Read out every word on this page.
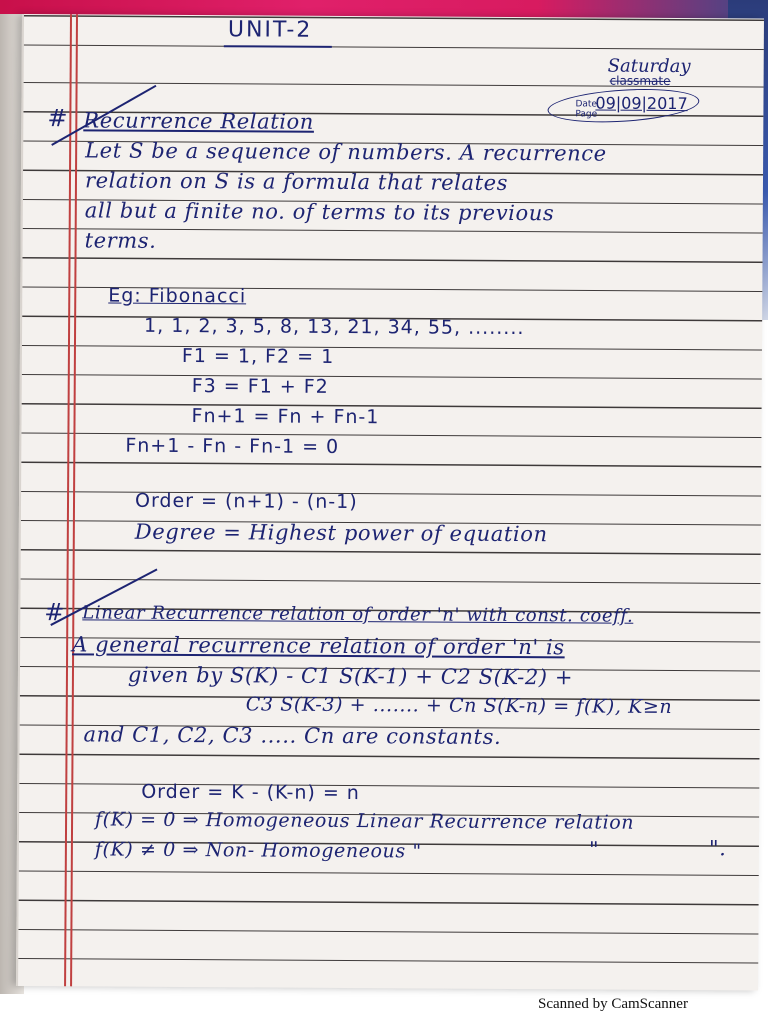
UNIT-2
Saturday
classmate
Date
Page
09|09|2017
# Recurrence Relation
Let S be a sequence of numbers. A recurrence
relation on S is a formula that relates
all but a finite no. of terms to its previous
terms.
Eg: Fibonacci
1, 1, 2, 3, 5, 8, 13, 21, 34, 55, ........
F1 = 1, F2 = 1
F3 = F1 + F2
Fn+1 = Fn + Fn-1
Fn+1 - Fn - Fn-1 = 0
Order = (n+1) - (n-1)
Degree = Highest power of equation
# Linear Recurrence relation of order 'n' with const. coeff.
A general recurrence relation of order 'n' is
given by S(K) - C1 S(K-1) + C2 S(K-2) +
C3 S(K-3) + ....... + Cn S(K-n) = f(K), K≥n
and C1, C2, C3 ..... Cn are constants.
Order = K - (K-n) = n
f(K) = 0 ⇒ Homogeneous Linear Recurrence relation
f(K) ≠ 0 ⇒ Non- Homogeneous "	"	".
Scanned by CamScanner
